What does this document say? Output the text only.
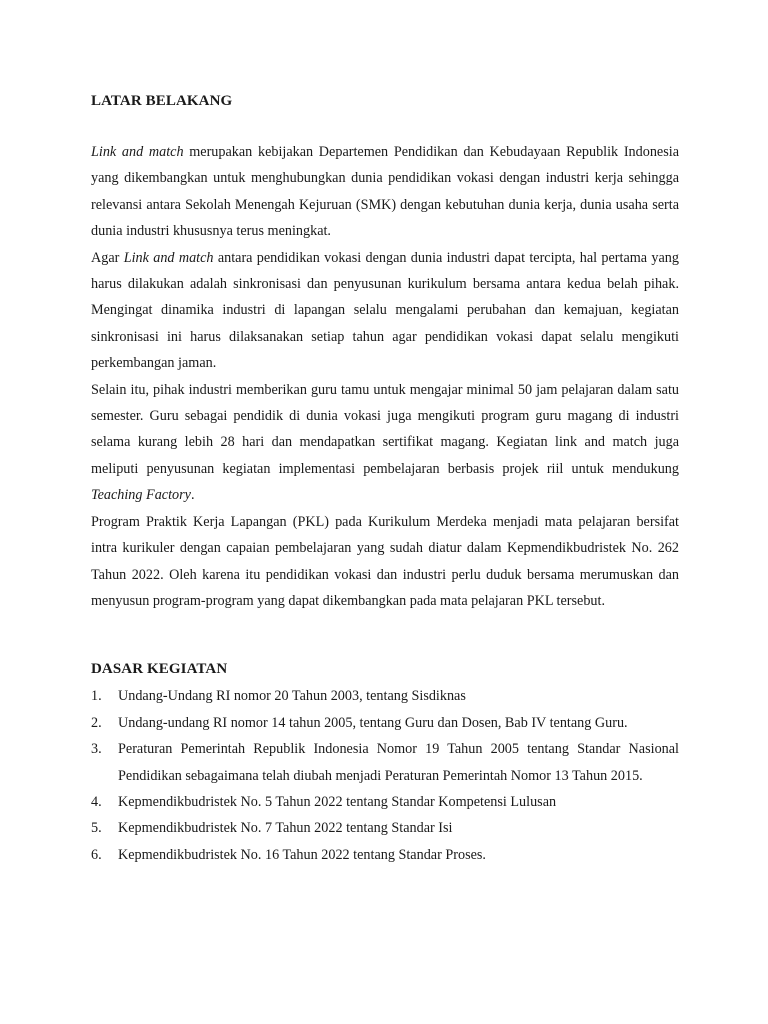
LATAR BELAKANG

Link and match merupakan kebijakan Departemen Pendidikan dan Kebudayaan Republik Indonesia yang dikembangkan untuk menghubungkan dunia pendidikan vokasi dengan industri kerja sehingga relevansi antara Sekolah Menengah Kejuruan (SMK) dengan kebutuhan dunia kerja, dunia usaha serta dunia industri khususnya terus meningkat.

Agar Link and match antara pendidikan vokasi dengan dunia industri dapat tercipta, hal pertama yang harus dilakukan adalah sinkronisasi dan penyusunan kurikulum bersama antara kedua belah pihak. Mengingat dinamika industri di lapangan selalu mengalami perubahan dan kemajuan, kegiatan sinkronisasi ini harus dilaksanakan setiap tahun agar pendidikan vokasi dapat selalu mengikuti perkembangan jaman.

Selain itu, pihak industri memberikan guru tamu untuk mengajar minimal 50 jam pelajaran dalam satu semester. Guru sebagai pendidik di dunia vokasi juga mengikuti program guru magang di industri selama kurang lebih 28 hari dan mendapatkan sertifikat magang. Kegiatan link and match juga meliputi penyusunan kegiatan implementasi pembelajaran berbasis projek riil untuk mendukung Teaching Factory.

Program Praktik Kerja Lapangan (PKL) pada Kurikulum Merdeka menjadi mata pelajaran bersifat intra kurikuler dengan capaian pembelajaran yang sudah diatur dalam Kepmendikbudristek No. 262 Tahun 2022. Oleh karena itu pendidikan vokasi dan industri perlu duduk bersama merumuskan dan menyusun program-program yang dapat dikembangkan pada mata pelajaran PKL tersebut.

DASAR KEGIATAN
1. Undang-Undang RI nomor 20 Tahun 2003, tentang Sisdiknas
2. Undang-undang RI nomor 14 tahun 2005, tentang Guru dan Dosen, Bab IV tentang Guru.
3. Peraturan Pemerintah Republik Indonesia Nomor 19 Tahun 2005 tentang Standar Nasional Pendidikan sebagaimana telah diubah menjadi Peraturan Pemerintah Nomor 13 Tahun 2015.
4. Kepmendikbudristek No. 5 Tahun 2022 tentang Standar Kompetensi Lulusan
5. Kepmendikbudristek No. 7 Tahun 2022 tentang Standar Isi
6. Kepmendikbudristek No. 16 Tahun 2022 tentang Standar Proses.
